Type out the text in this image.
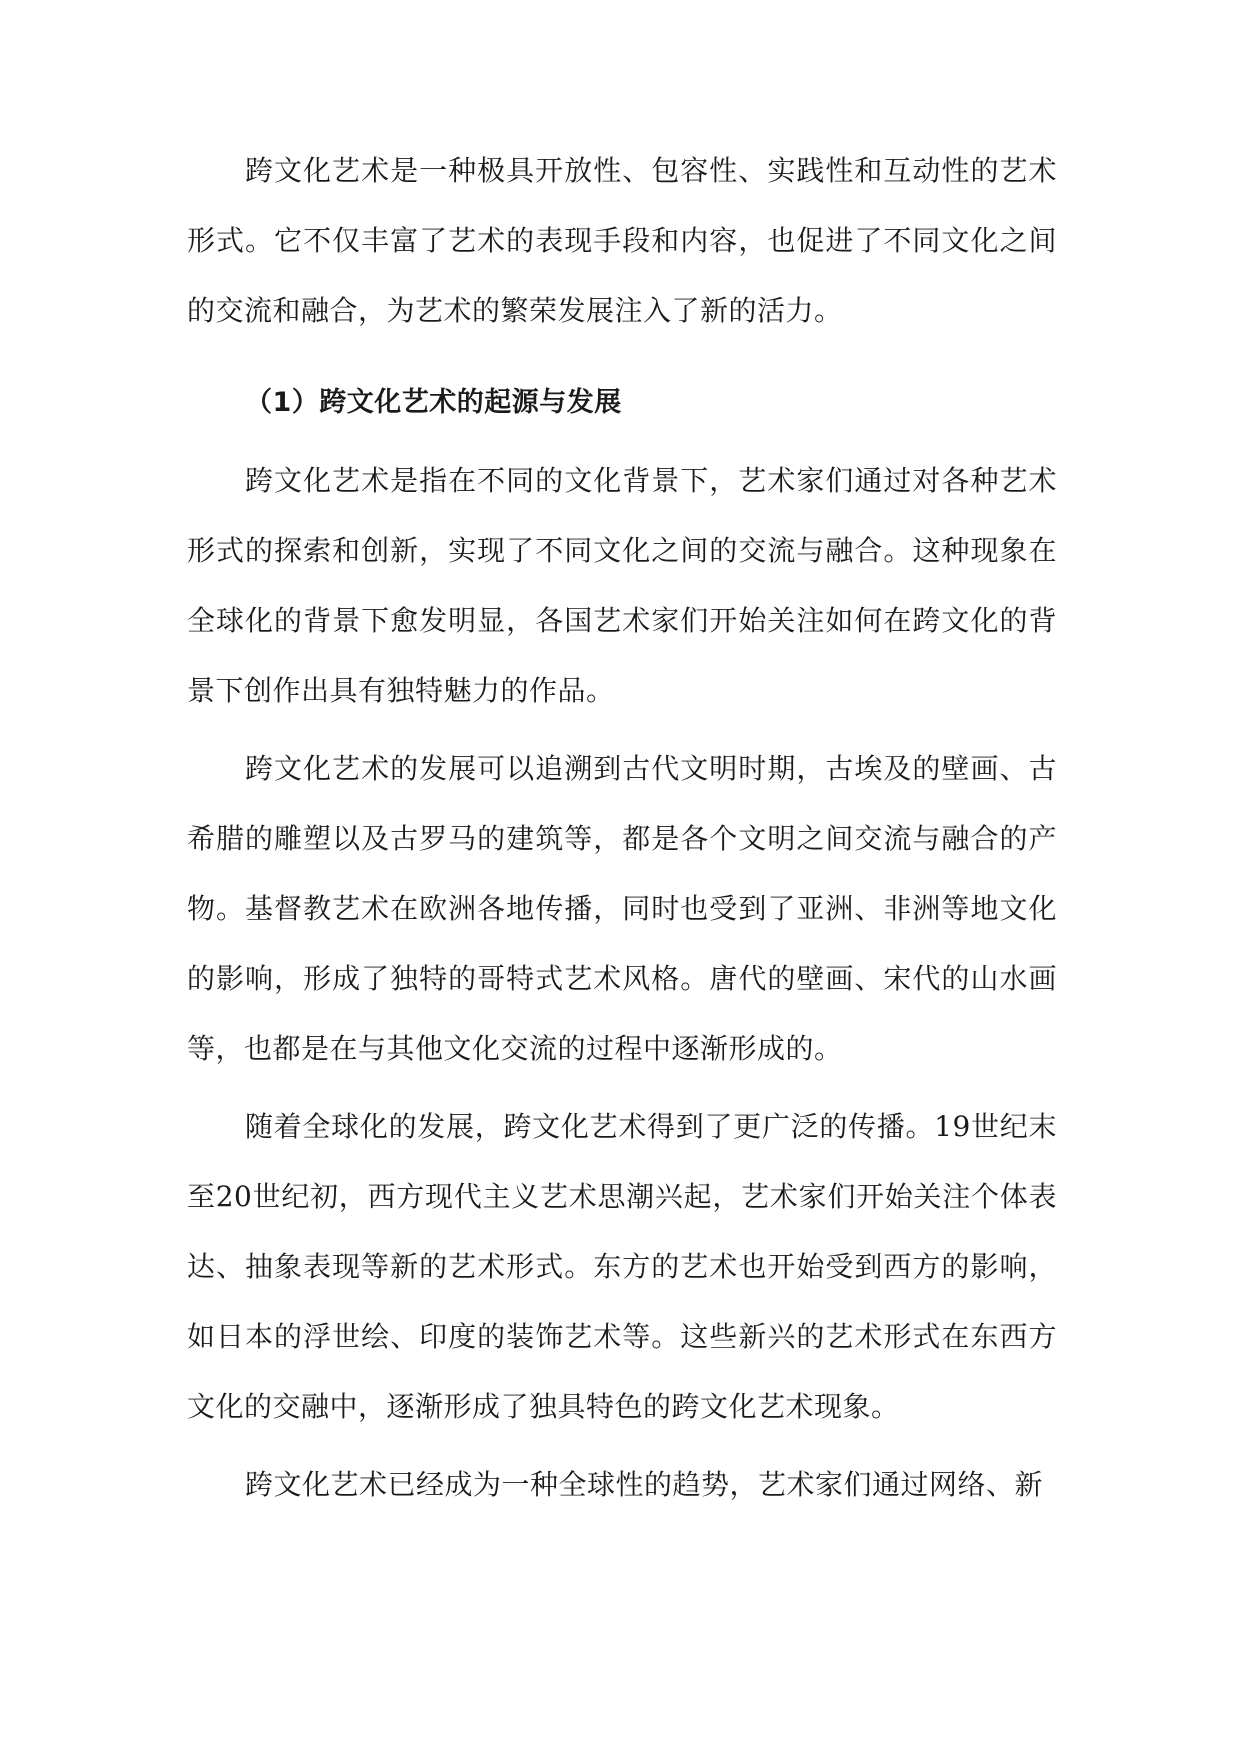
跨文化艺术是一种极具开放性、包容性、实践性和互动性的艺术形式。它不仅丰富了艺术的表现手段和内容，也促进了不同文化之间的交流和融合，为艺术的繁荣发展注入了新的活力。

（1）跨文化艺术的起源与发展

跨文化艺术是指在不同的文化背景下，艺术家们通过对各种艺术形式的探索和创新，实现了不同文化之间的交流与融合。这种现象在全球化的背景下愈发明显，各国艺术家们开始关注如何在跨文化的背景下创作出具有独特魅力的作品。

跨文化艺术的发展可以追溯到古代文明时期，古埃及的壁画、古希腊的雕塑以及古罗马的建筑等，都是各个文明之间交流与融合的产物。基督教艺术在欧洲各地传播，同时也受到了亚洲、非洲等地文化的影响，形成了独特的哥特式艺术风格。唐代的壁画、宋代的山水画等，也都是在与其他文化交流的过程中逐渐形成的。

随着全球化的发展，跨文化艺术得到了更广泛的传播。19世纪末至20世纪初，西方现代主义艺术思潮兴起，艺术家们开始关注个体表达、抽象表现等新的艺术形式。东方的艺术也开始受到西方的影响，如日本的浮世绘、印度的装饰艺术等。这些新兴的艺术形式在东西方文化的交融中，逐渐形成了独具特色的跨文化艺术现象。

跨文化艺术已经成为一种全球性的趋势，艺术家们通过网络、新
